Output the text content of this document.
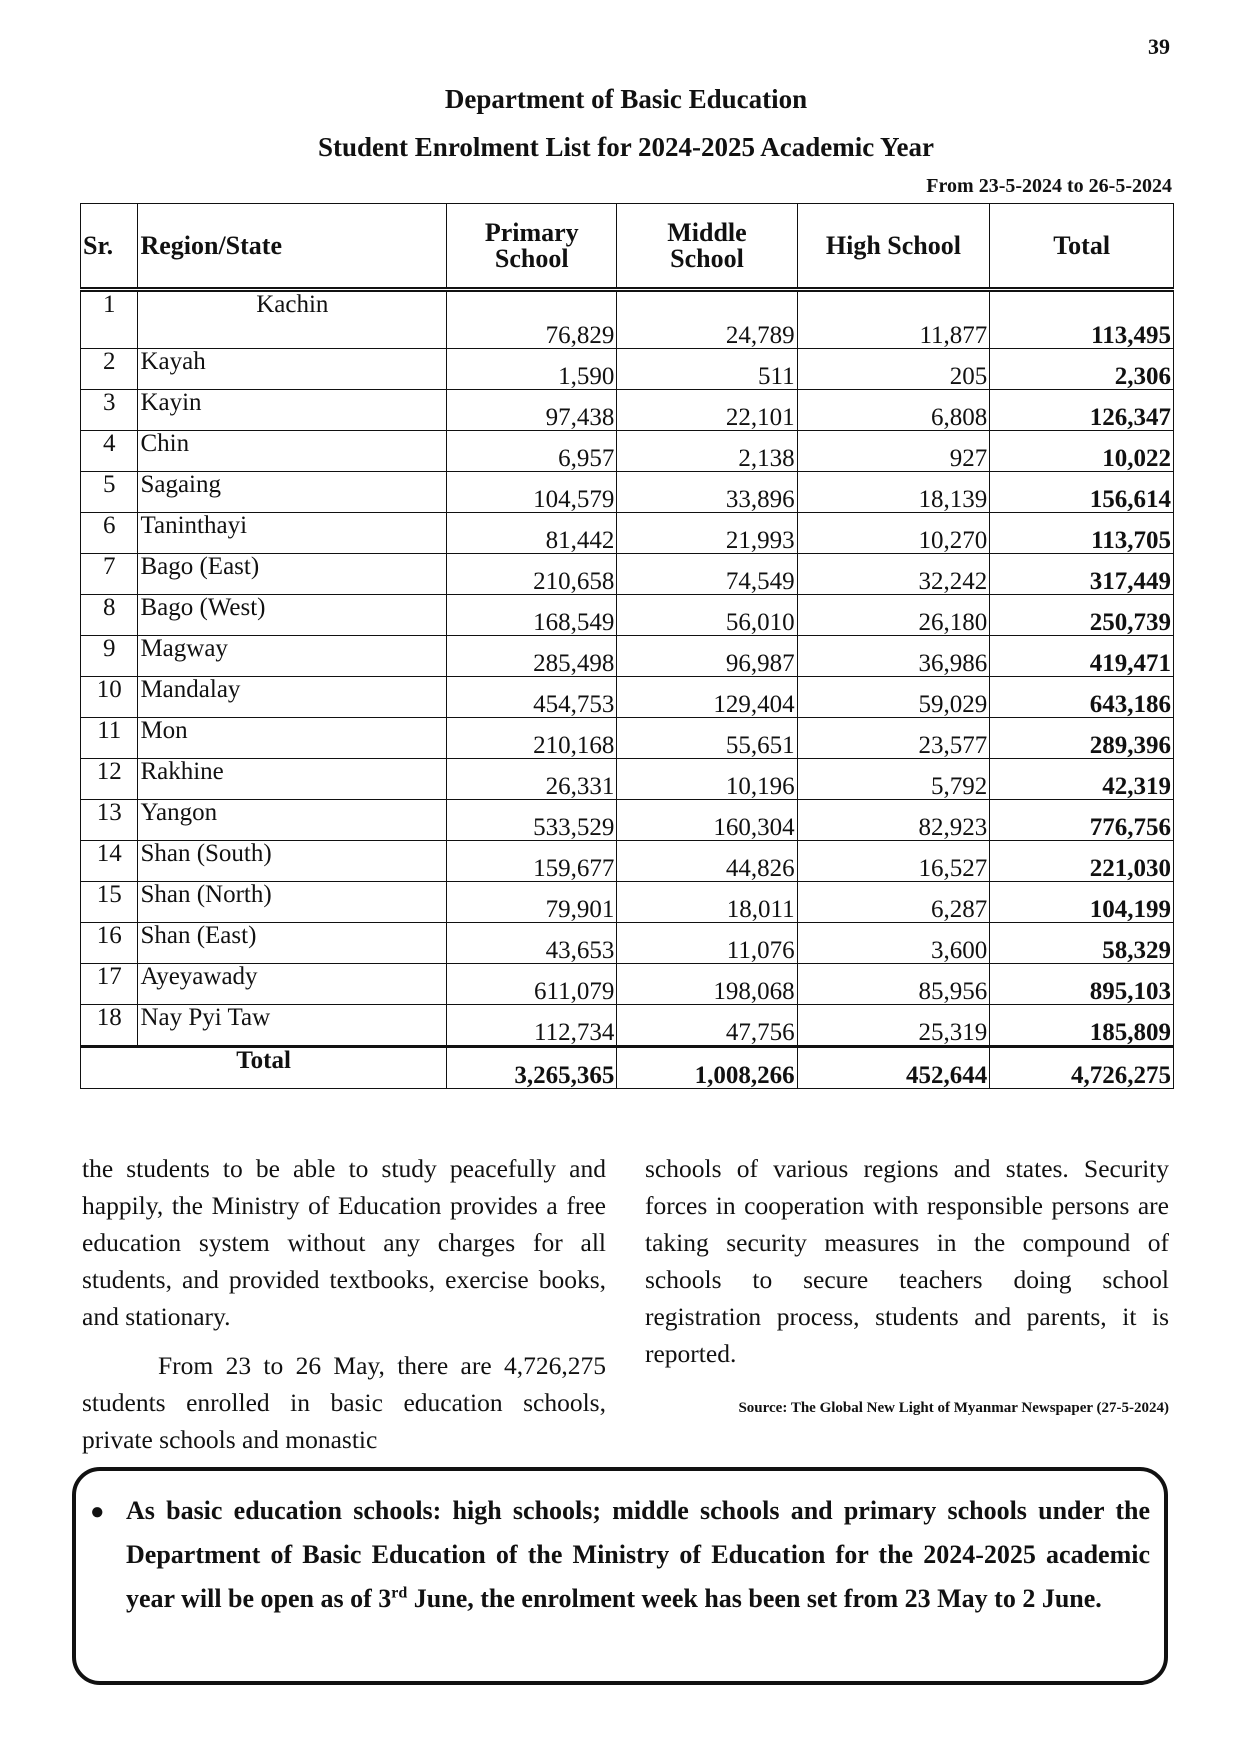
39
Department of Basic Education
Student Enrolment List for 2024-2025 Academic Year
From 23-5-2024 to 26-5-2024
Sr.	Region/State	Primary School	Middle School	High School	Total
1	Kachin	76,829	24,789	11,877	113,495
2	Kayah	1,590	511	205	2,306
3	Kayin	97,438	22,101	6,808	126,347
4	Chin	6,957	2,138	927	10,022
5	Sagaing	104,579	33,896	18,139	156,614
6	Taninthayi	81,442	21,993	10,270	113,705
7	Bago (East)	210,658	74,549	32,242	317,449
8	Bago (West)	168,549	56,010	26,180	250,739
9	Magway	285,498	96,987	36,986	419,471
10	Mandalay	454,753	129,404	59,029	643,186
11	Mon	210,168	55,651	23,577	289,396
12	Rakhine	26,331	10,196	5,792	42,319
13	Yangon	533,529	160,304	82,923	776,756
14	Shan (South)	159,677	44,826	16,527	221,030
15	Shan (North)	79,901	18,011	6,287	104,199
16	Shan (East)	43,653	11,076	3,600	58,329
17	Ayeyawady	611,079	198,068	85,956	895,103
18	Nay Pyi Taw	112,734	47,756	25,319	185,809
Total		3,265,365	1,008,266	452,644	4,726,275

the students to be able to study peacefully and happily, the Ministry of Education provides a free education system without any charges for all students, and provided textbooks, exercise books, and stationary.

From 23 to 26 May, there are 4,726,275 students enrolled in basic education schools, private schools and monastic

schools of various regions and states. Security forces in cooperation with responsible persons are taking security measures in the compound of schools to secure teachers doing school registration process, students and parents, it is reported.

Source: The Global New Light of Myanmar Newspaper (27-5-2024)

● As basic education schools: high schools; middle schools and primary schools under the Department of Basic Education of the Ministry of Education for the 2024-2025 academic year will be open as of 3rd June, the enrolment week has been set from 23 May to 2 June.
